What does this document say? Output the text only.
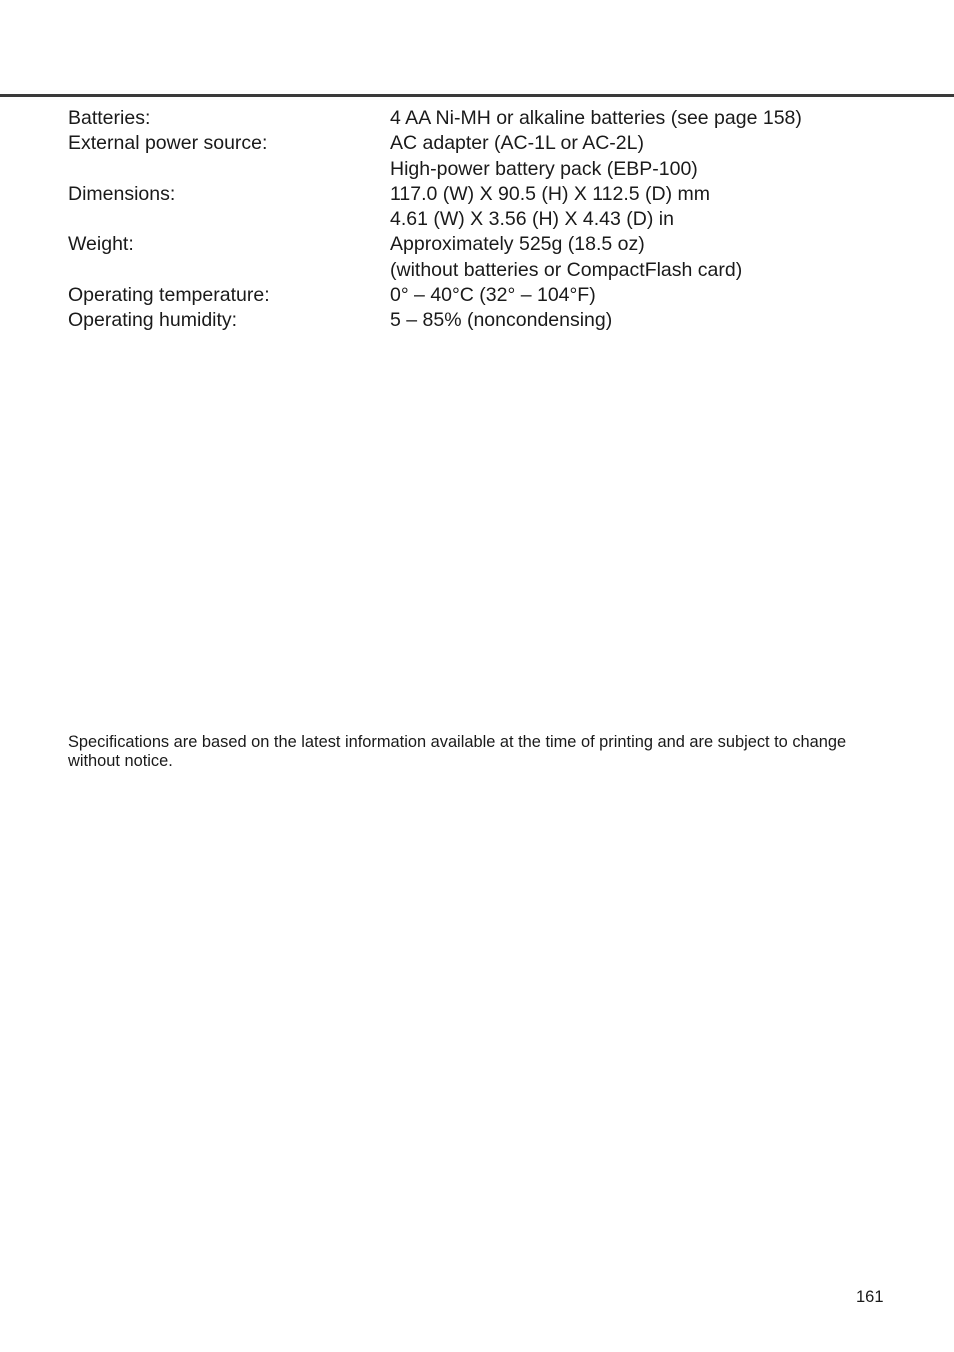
Batteries:	4 AA Ni-MH or alkaline batteries (see page 158)
External power source:	AC adapter (AC-1L or AC-2L)
High-power battery pack (EBP-100)
Dimensions:	117.0 (W) X 90.5 (H) X 112.5 (D) mm
4.61 (W) X 3.56 (H) X 4.43 (D) in
Weight:	Approximately 525g (18.5 oz)
(without batteries or CompactFlash card)
Operating temperature:	0° – 40°C (32° – 104°F)
Operating humidity:	5 – 85% (noncondensing)

Specifications are based on the latest information available at the time of printing and are subject to change without notice.

161
